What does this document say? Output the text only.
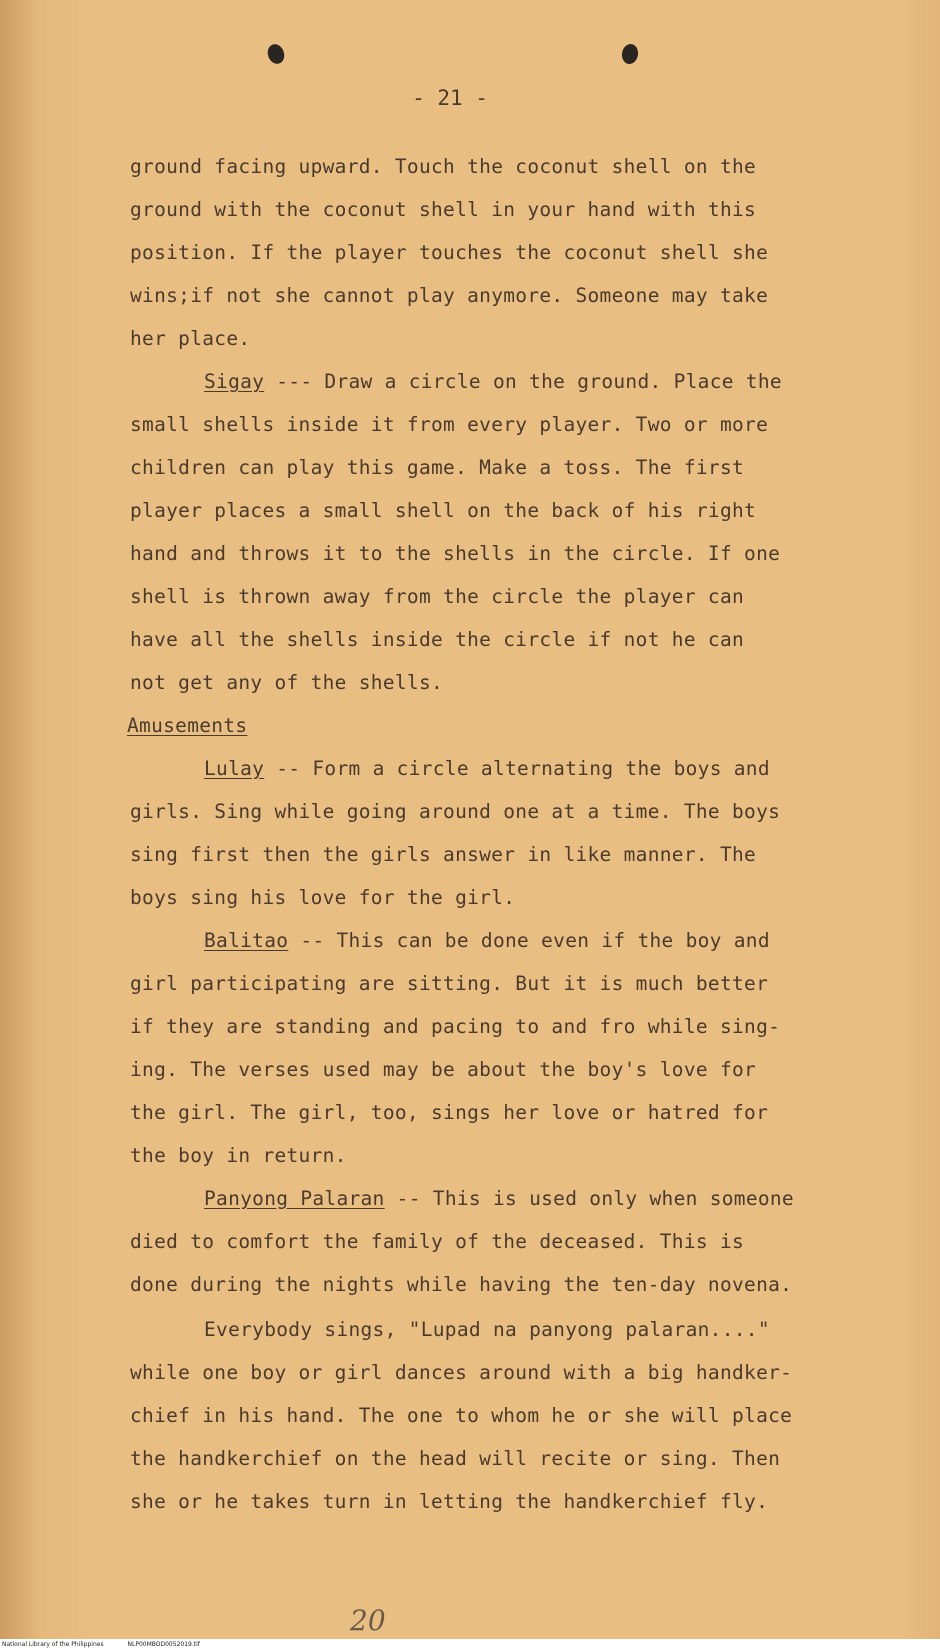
- 21 -
ground facing upward. Touch the coconut shell on the
ground with the coconut shell in your hand with this
position. If the player touches the coconut shell she
wins;if not she cannot play anymore. Someone may take
her place.
Sigay --- Draw a circle on the ground. Place the
small shells inside it from every player. Two or more
children can play this game. Make a toss. The first
player places a small shell on the back of his right
hand and throws it to the shells in the circle. If one
shell is thrown away from the circle the player can
have all the shells inside the circle if not he can
not get any of the shells.
Amusements
Lulay -- Form a circle alternating the boys and
girls. Sing while going around one at a time. The boys
sing first then the girls answer in like manner. The
boys sing his love for the girl.
Balitao -- This can be done even if the boy and
girl participating are sitting. But it is much better
if they are standing and pacing to and fro while sing-
ing. The verses used may be about the boy's love for
the girl. The girl, too, sings her love or hatred for
the boy in return.
Panyong Palaran -- This is used only when someone
died to comfort the family of the deceased. This is
done during the nights while having the ten-day novena.
Everybody sings, "Lupad na panyong palaran...."
while one boy or girl dances around with a big handker-
chief in his hand. The one to whom he or she will place
the handkerchief on the head will recite or sing. Then
she or he takes turn in letting the handkerchief fly.
20
National Library of the Philippines	NLP00MBOD0052019.tif
